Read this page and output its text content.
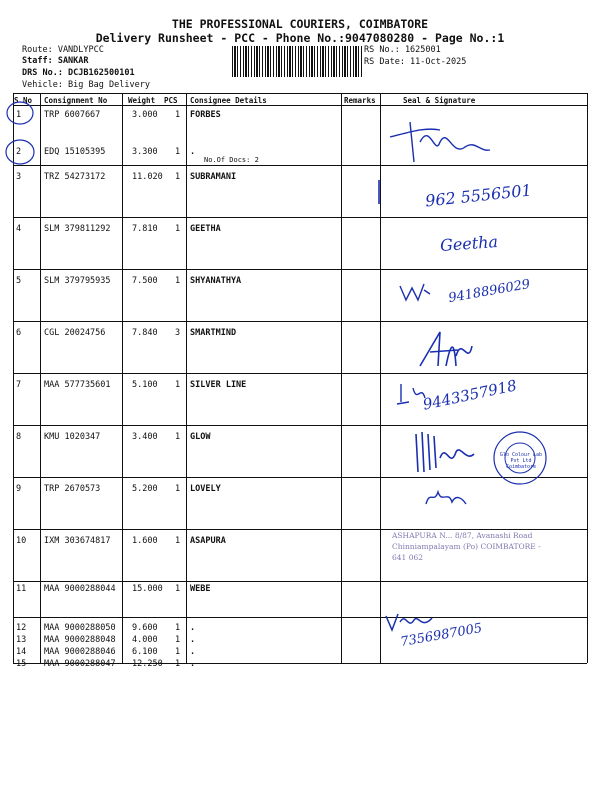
THE PROFESSIONAL COURIERS, COIMBATORE
Delivery Runsheet - PCC - Phone No.:9047080280 - Page No.:1
Route: VANDLYPCC
Staff: SANKAR
DRS No.: DCJB162500101
Vehicle: Big Bag Delivery
RS No.: 1625001
RS Date: 11-Oct-2025
S No Consignment No	Weight PCS Consignee Details	Remarks	Seal & Signature
1	TRP 6007667	3.000 1 FORBES
2	EDQ 15105395	3.300 1 .
3	TRZ 54273172	11.020 1 SUBRAMANI
4	SLM 379811292	7.810 1 GEETHA
5	SLM 379795935	7.500 1 SHYANATHYA
6	CGL 20024756	7.840 3 SMARTMIND
7	MAA 577735601	5.100 1 SILVER LINE
8	KMU 1020347	3.400 1 GLOW
9	TRP 2670573	5.200 1 LOVELY
10 IXM 303674817	1.600 1 ASAPURA
11 MAA 9000288044 15.000 1 WEBE
12 MAA 9000288050 9.600 1 .
13 MAA 9000288048 4.000 1 .
14 MAA 9000288046 6.100 1 .
15 MAA 9000288047 12.250 1 .
No.Of Docs: 2
962 5556501
Geetha
9418896029
9443357918
Glo Colour Lab Pvt Ltd Coimbatore
ASHAPURA N... 8/87, Avanashi Road Chinniampalayam (Po) COIMBATORE - 641 062
7356987005
